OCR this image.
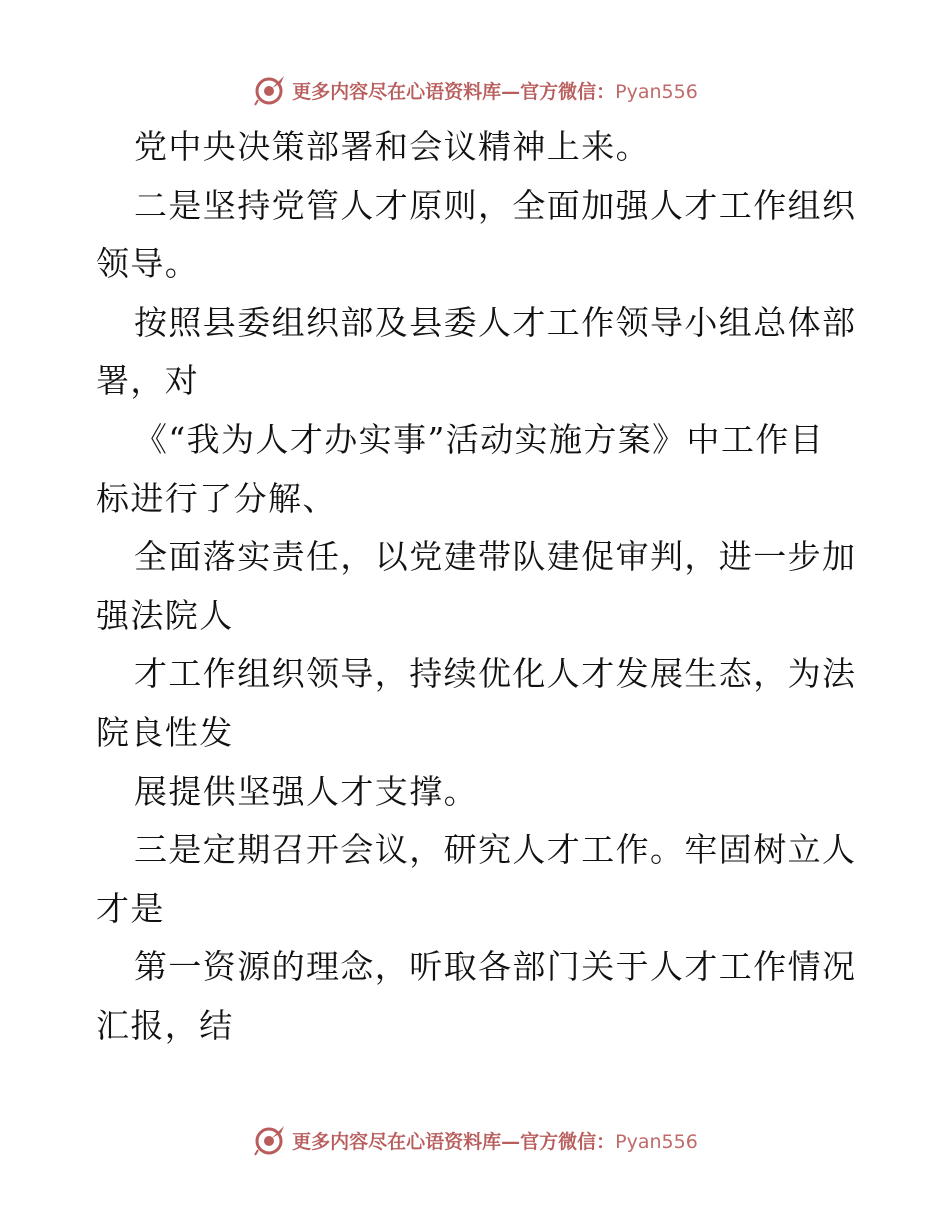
更多内容尽在心语资料库—官方微信：Pyan556
党中央决策部署和会议精神上来。
二是坚持党管人才原则，全面加强人才工作组织
领导。
按照县委组织部及县委人才工作领导小组总体部
署，对
《“我为人才办实事”活动实施方案》中工作目
标进行了分解、
全面落实责任，以党建带队建促审判，进一步加
强法院人
才工作组织领导，持续优化人才发展生态，为法
院良性发
展提供坚强人才支撑。
三是定期召开会议，研究人才工作。牢固树立人
才是
第一资源的理念，听取各部门关于人才工作情况
汇报，结
更多内容尽在心语资料库—官方微信：Pyan556
